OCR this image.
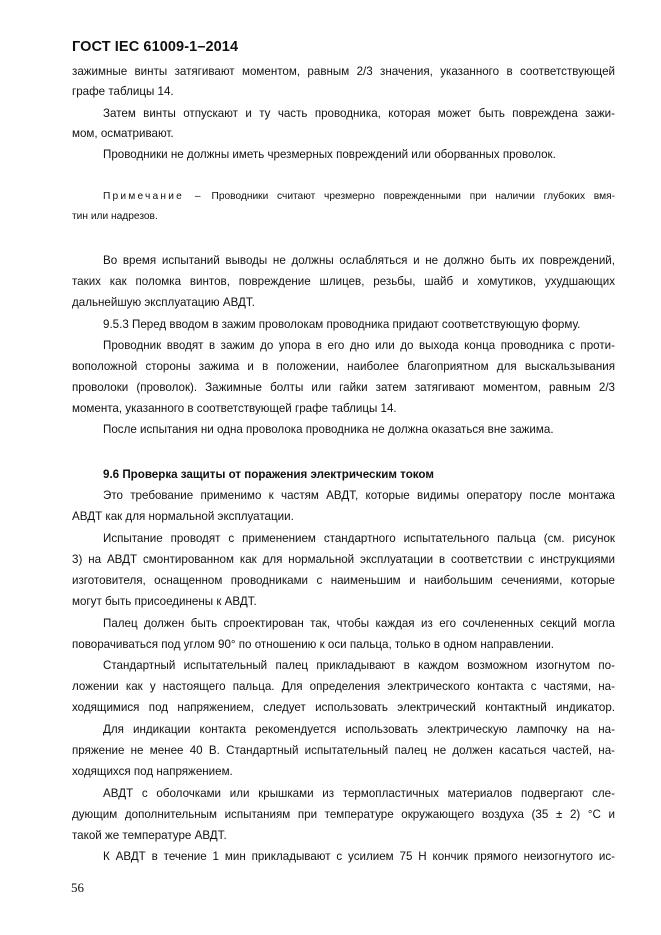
ГОСТ IEC 61009-1–2014
зажимные винты затягивают моментом, равным 2/3 значения, указанного в соответствующей
графе таблицы 14.
Затем винты отпускают и ту часть проводника, которая может быть повреждена зажи-
мом, осматривают.
Проводники не должны иметь чрезмерных повреждений или оборванных проволок.
Примечание – Проводники считают чрезмерно поврежденными при наличии глубоких вмя-
тин или надрезов.
Во время испытаний выводы не должны ослабляться и не должно быть их повреждений,
таких как поломка винтов, повреждение шлицев, резьбы, шайб и хомутиков, ухудшающих
дальнейшую эксплуатацию АВДТ.
9.5.3 Перед вводом в зажим проволокам проводника придают соответствующую форму.
Проводник вводят в зажим до упора в его дно или до выхода конца проводника с проти-
воположной стороны зажима и в положении, наиболее благоприятном для выскальзывания
проволоки (проволок). Зажимные болты или гайки затем затягивают моментом, равным 2/3
момента, указанного в соответствующей графе таблицы 14.
После испытания ни одна проволока проводника не должна оказаться вне зажима.
9.6 Проверка защиты от поражения электрическим током
Это требование применимо к частям АВДТ, которые видимы оператору после монтажа
АВДТ как для нормальной эксплуатации.
Испытание проводят с применением стандартного испытательного пальца (см. рисунок
3) на АВДТ смонтированном как для нормальной эксплуатации в соответствии с инструкциями
изготовителя, оснащенном проводниками с наименьшим и наибольшим сечениями, которые
могут быть присоединены к АВДТ.
Палец должен быть спроектирован так, чтобы каждая из его сочлененных секций могла
поворачиваться под углом 90° по отношению к оси пальца, только в одном направлении.
Стандартный испытательный палец прикладывают в каждом возможном изогнутом по-
ложении как у настоящего пальца. Для определения электрического контакта с частями, на-
ходящимися под напряжением, следует использовать электрический контактный индикатор.
Для индикации контакта рекомендуется использовать электрическую лампочку на на-
пряжение не менее 40 В. Стандартный испытательный палец не должен касаться частей, на-
ходящихся под напряжением.
АВДТ с оболочками или крышками из термопластичных материалов подвергают сле-
дующим дополнительным испытаниям при температуре окружающего воздуха (35 ± 2) °С и
такой же температуре АВДТ.
К АВДТ в течение 1 мин прикладывают с усилием 75 Н кончик прямого неизогнутого ис-
56
